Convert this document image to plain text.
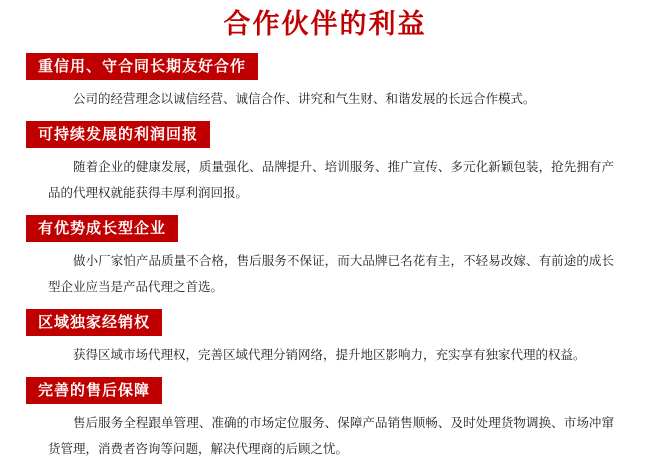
合作伙伴的利益
重信用、守合同长期友好合作

公司的经营理念以诚信经营、诚信合作、讲究和气生财、和谐发展的长远合作模式。

可持续发展的利润回报

随着企业的健康发展，质量强化、品牌提升、培训服务、推广宣传、多元化新颖包装，抢先拥有产品的代理权就能获得丰厚利润回报。

有优势成长型企业

做小厂家怕产品质量不合格，售后服务不保证，而大品牌已名花有主，不轻易改嫁、有前途的成长型企业应当是产品代理之首选。

区域独家经销权

获得区域市场代理权，完善区域代理分销网络，提升地区影响力，充实享有独家代理的权益。

完善的售后保障

售后服务全程跟单管理、准确的市场定位服务、保障产品销售顺畅、及时处理货物调换、市场冲窜货管理，消费者咨询等问题，解决代理商的后顾之忧。
